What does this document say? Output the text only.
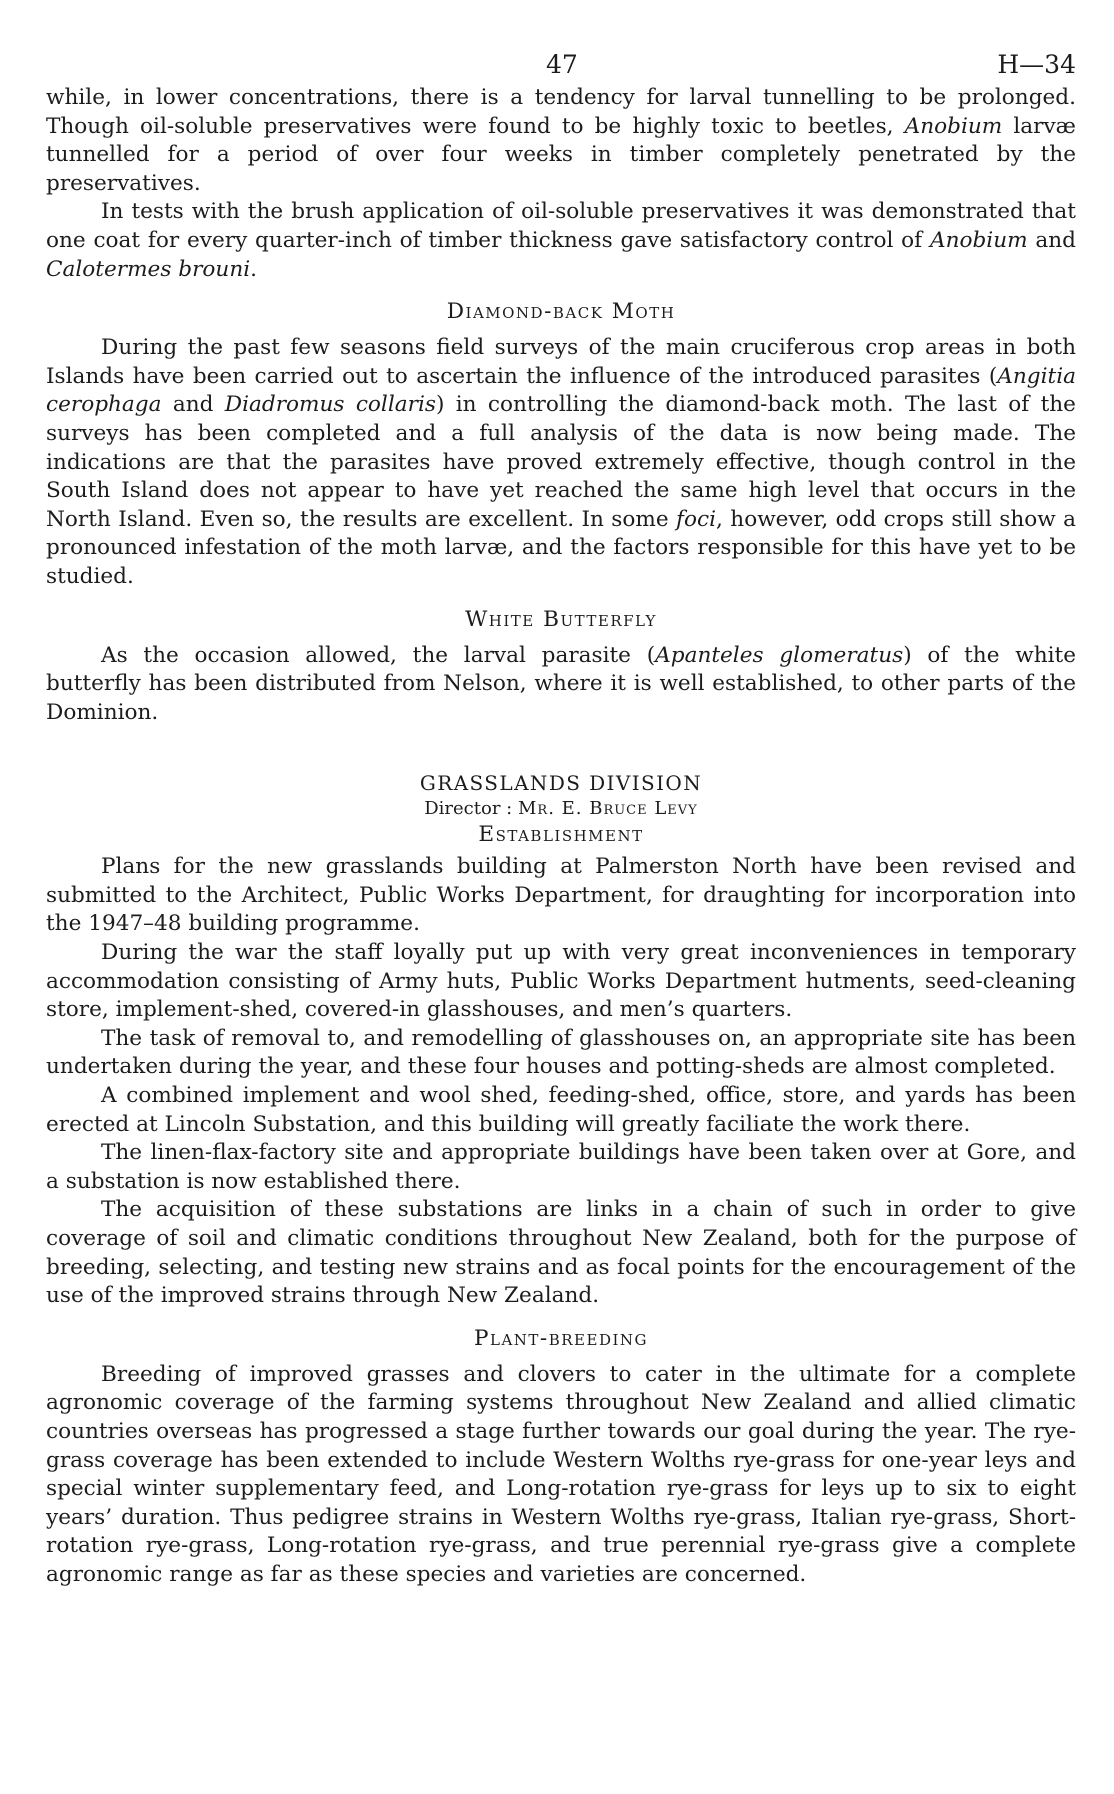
47	H—34

while, in lower concentrations, there is a tendency for larval tunnelling to be prolonged. Though oil-soluble preservatives were found to be highly toxic to beetles, Anobium larvæ tunnelled for a period of over four weeks in timber completely penetrated by the preservatives.

In tests with the brush application of oil-soluble preservatives it was demonstrated that one coat for every quarter-inch of timber thickness gave satisfactory control of Anobium and Calotermes brouni.

Diamond-back Moth

During the past few seasons field surveys of the main cruciferous crop areas in both Islands have been carried out to ascertain the influence of the introduced parasites (Angitia cerophaga and Diadromus collaris) in controlling the diamond-back moth. The last of the surveys has been completed and a full analysis of the data is now being made. The indications are that the parasites have proved extremely effective, though control in the South Island does not appear to have yet reached the same high level that occurs in the North Island. Even so, the results are excellent. In some foci, however, odd crops still show a pronounced infestation of the moth larvæ, and the factors responsible for this have yet to be studied.

White Butterfly

As the occasion allowed, the larval parasite (Apanteles glomeratus) of the white butterfly has been distributed from Nelson, where it is well established, to other parts of the Dominion.

GRASSLANDS DIVISION
Director : Mr. E. Bruce Levy
Establishment

Plans for the new grasslands building at Palmerston North have been revised and submitted to the Architect, Public Works Department, for draughting for incorporation into the 1947–48 building programme.

During the war the staff loyally put up with very great inconveniences in temporary accommodation consisting of Army huts, Public Works Department hutments, seed-cleaning store, implement-shed, covered-in glasshouses, and men’s quarters.

The task of removal to, and remodelling of glasshouses on, an appropriate site has been undertaken during the year, and these four houses and potting-sheds are almost completed.

A combined implement and wool shed, feeding-shed, office, store, and yards has been erected at Lincoln Substation, and this building will greatly faciliate the work there.

The linen-flax-factory site and appropriate buildings have been taken over at Gore, and a substation is now established there.

The acquisition of these substations are links in a chain of such in order to give coverage of soil and climatic conditions throughout New Zealand, both for the purpose of breeding, selecting, and testing new strains and as focal points for the encouragement of the use of the improved strains through New Zealand.

Plant-breeding

Breeding of improved grasses and clovers to cater in the ultimate for a complete agronomic coverage of the farming systems throughout New Zealand and allied climatic countries overseas has progressed a stage further towards our goal during the year. The rye-grass coverage has been extended to include Western Wolths rye-grass for one-year leys and special winter supplementary feed, and Long-rotation rye-grass for leys up to six to eight years’ duration. Thus pedigree strains in Western Wolths rye-grass, Italian rye-grass, Short-rotation rye-grass, Long-rotation rye-grass, and true perennial rye-grass give a complete agronomic range as far as these species and varieties are concerned.
